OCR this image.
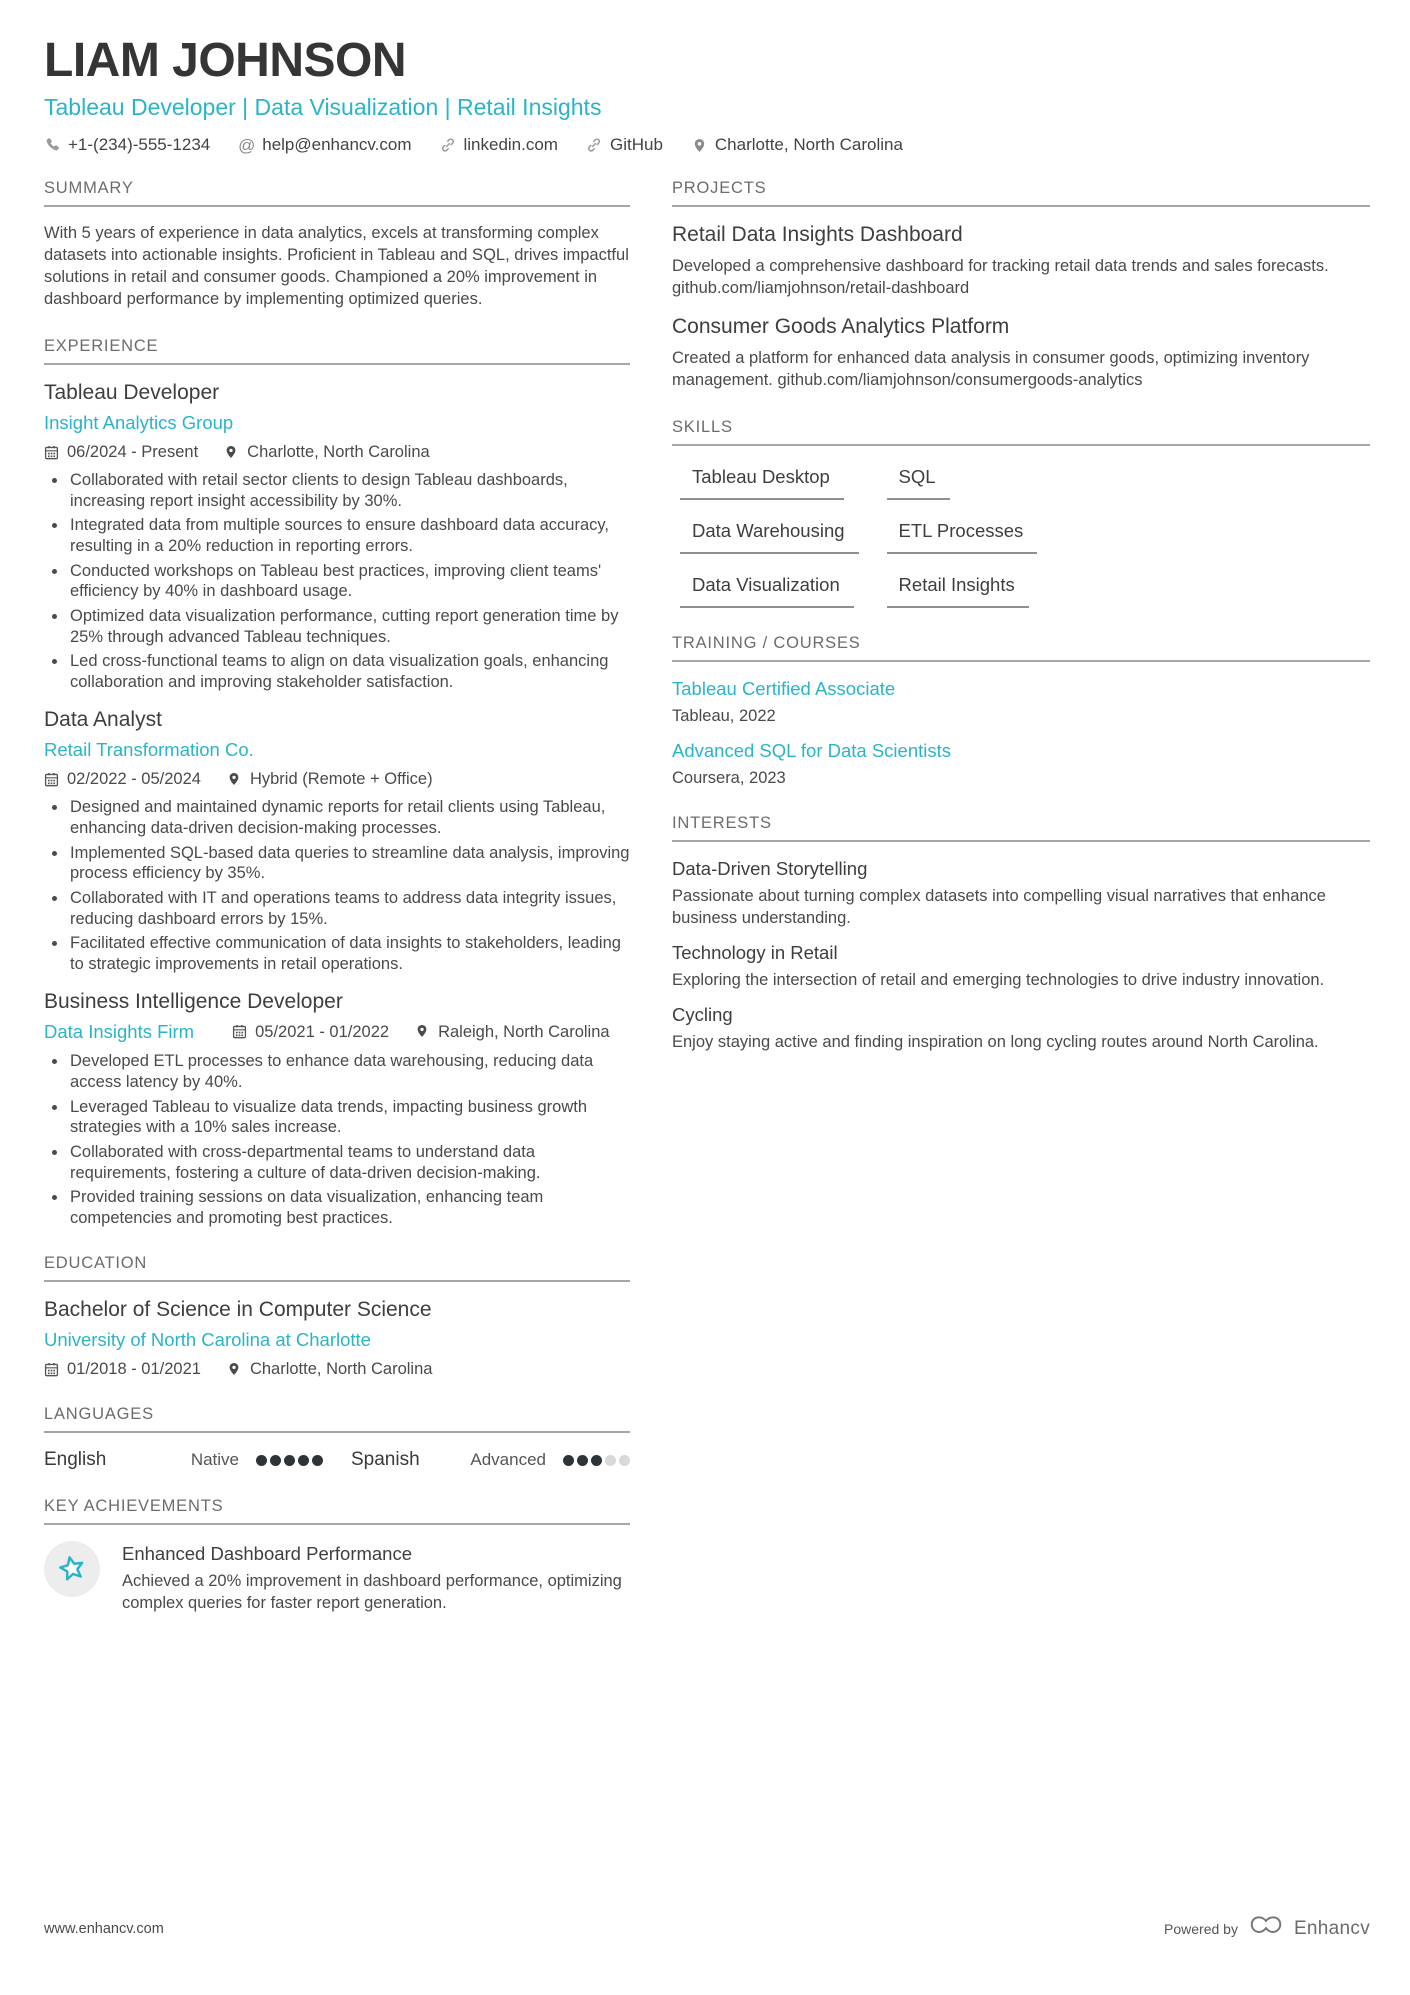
LIAM JOHNSON
Tableau Developer | Data Visualization | Retail Insights
+1-(234)-555-1234 @ help@enhancv.com	linkedin.com	GitHub	Charlotte, North Carolina
SUMMARY

With 5 years of experience in data analytics, excels at transforming complex datasets into actionable insights. Proficient in Tableau and SQL, drives impactful solutions in retail and consumer goods. Championed a 20% improvement in dashboard performance by implementing optimized queries.

EXPERIENCE
Tableau Developer
Insight Analytics Group
06/2024 - Present	Charlotte, North Carolina
• Collaborated with retail sector clients to design Tableau dashboards, increasing report insight accessibility by 30%.
• Integrated data from multiple sources to ensure dashboard data accuracy, resulting in a 20% reduction in reporting errors.
• Conducted workshops on Tableau best practices, improving client teams' efficiency by 40% in dashboard usage.
• Optimized data visualization performance, cutting report generation time by 25% through advanced Tableau techniques.
• Led cross-functional teams to align on data visualization goals, enhancing collaboration and improving stakeholder satisfaction.
Data Analyst
Retail Transformation Co.
02/2022 - 05/2024	Hybrid (Remote + Office)
• Designed and maintained dynamic reports for retail clients using Tableau, enhancing data-driven decision-making processes.
• Implemented SQL-based data queries to streamline data analysis, improving process efficiency by 35%.
• Collaborated with IT and operations teams to address data integrity issues, reducing dashboard errors by 15%.
• Facilitated effective communication of data insights to stakeholders, leading to strategic improvements in retail operations.
Business Intelligence Developer
Data Insights Firm	05/2021 - 01/2022	Raleigh, North Carolina
• Developed ETL processes to enhance data warehousing, reducing data access latency by 40%.
• Leveraged Tableau to visualize data trends, impacting business growth strategies with a 10% sales increase.
• Collaborated with cross-departmental teams to understand data requirements, fostering a culture of data-driven decision-making.
• Provided training sessions on data visualization, enhancing team competencies and promoting best practices.
EDUCATION
Bachelor of Science in Computer Science
University of North Carolina at Charlotte
01/2018 - 01/2021	Charlotte, North Carolina
LANGUAGES
English	Native	Spanish	Advanced
KEY ACHIEVEMENTS
Enhanced Dashboard Performance
Achieved a 20% improvement in dashboard performance, optimizing complex queries for faster report generation.
PROJECTS
Retail Data Insights Dashboard

Developed a comprehensive dashboard for tracking retail data trends and sales forecasts. github.com/liamjohnson/retail-dashboard

Consumer Goods Analytics Platform

Created a platform for enhanced data analysis in consumer goods, optimizing inventory management. github.com/liamjohnson/consumergoods-analytics

SKILLS
Tableau Desktop	SQL
Data Warehousing	ETL Processes
Data Visualization	Retail Insights
TRAINING / COURSES
Tableau Certified Associate
Tableau, 2022
Advanced SQL for Data Scientists
Coursera, 2023
INTERESTS
Data-Driven Storytelling

Passionate about turning complex datasets into compelling visual narratives that enhance business understanding.

Technology in Retail

Exploring the intersection of retail and emerging technologies to drive industry innovation.

Cycling

Enjoy staying active and finding inspiration on long cycling routes around North Carolina.

www.enhancv.com	Powered by	Enhancv
